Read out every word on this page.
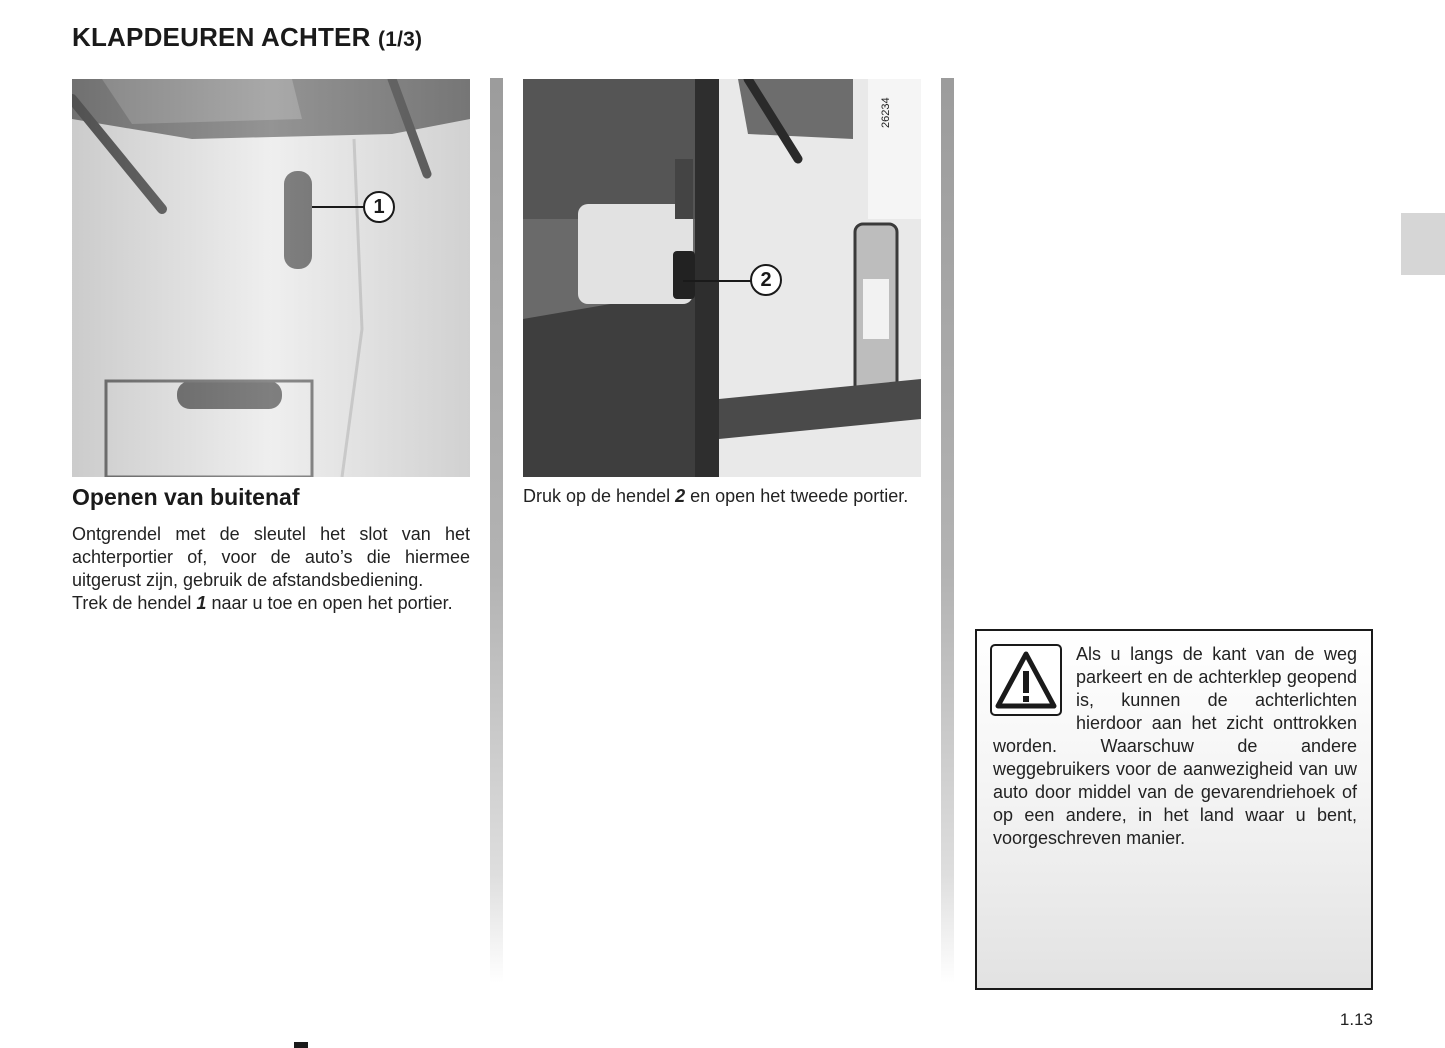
KLAPDEUREN ACHTER (1/3)
1
26234
2
Openen van buitenaf

Ontgrendel met de sleutel het slot van het achterportier of, voor de auto’s die hiermee uitgerust zijn, gebruik de afstandsbediening.

Trek de hendel 1 naar u toe en open het portier.

Druk op de hendel 2 en open het tweede portier.
Als u langs de kant van de weg parkeert en de achterklep geopend is, kunnen de achterlichten hierdoor aan het zicht onttrokken worden. Waarschuw de andere weggebruikers voor de aanwezigheid van uw auto door middel van de gevarendriehoek of op een andere, in het land waar u bent, voorgeschreven manier.
1.13
